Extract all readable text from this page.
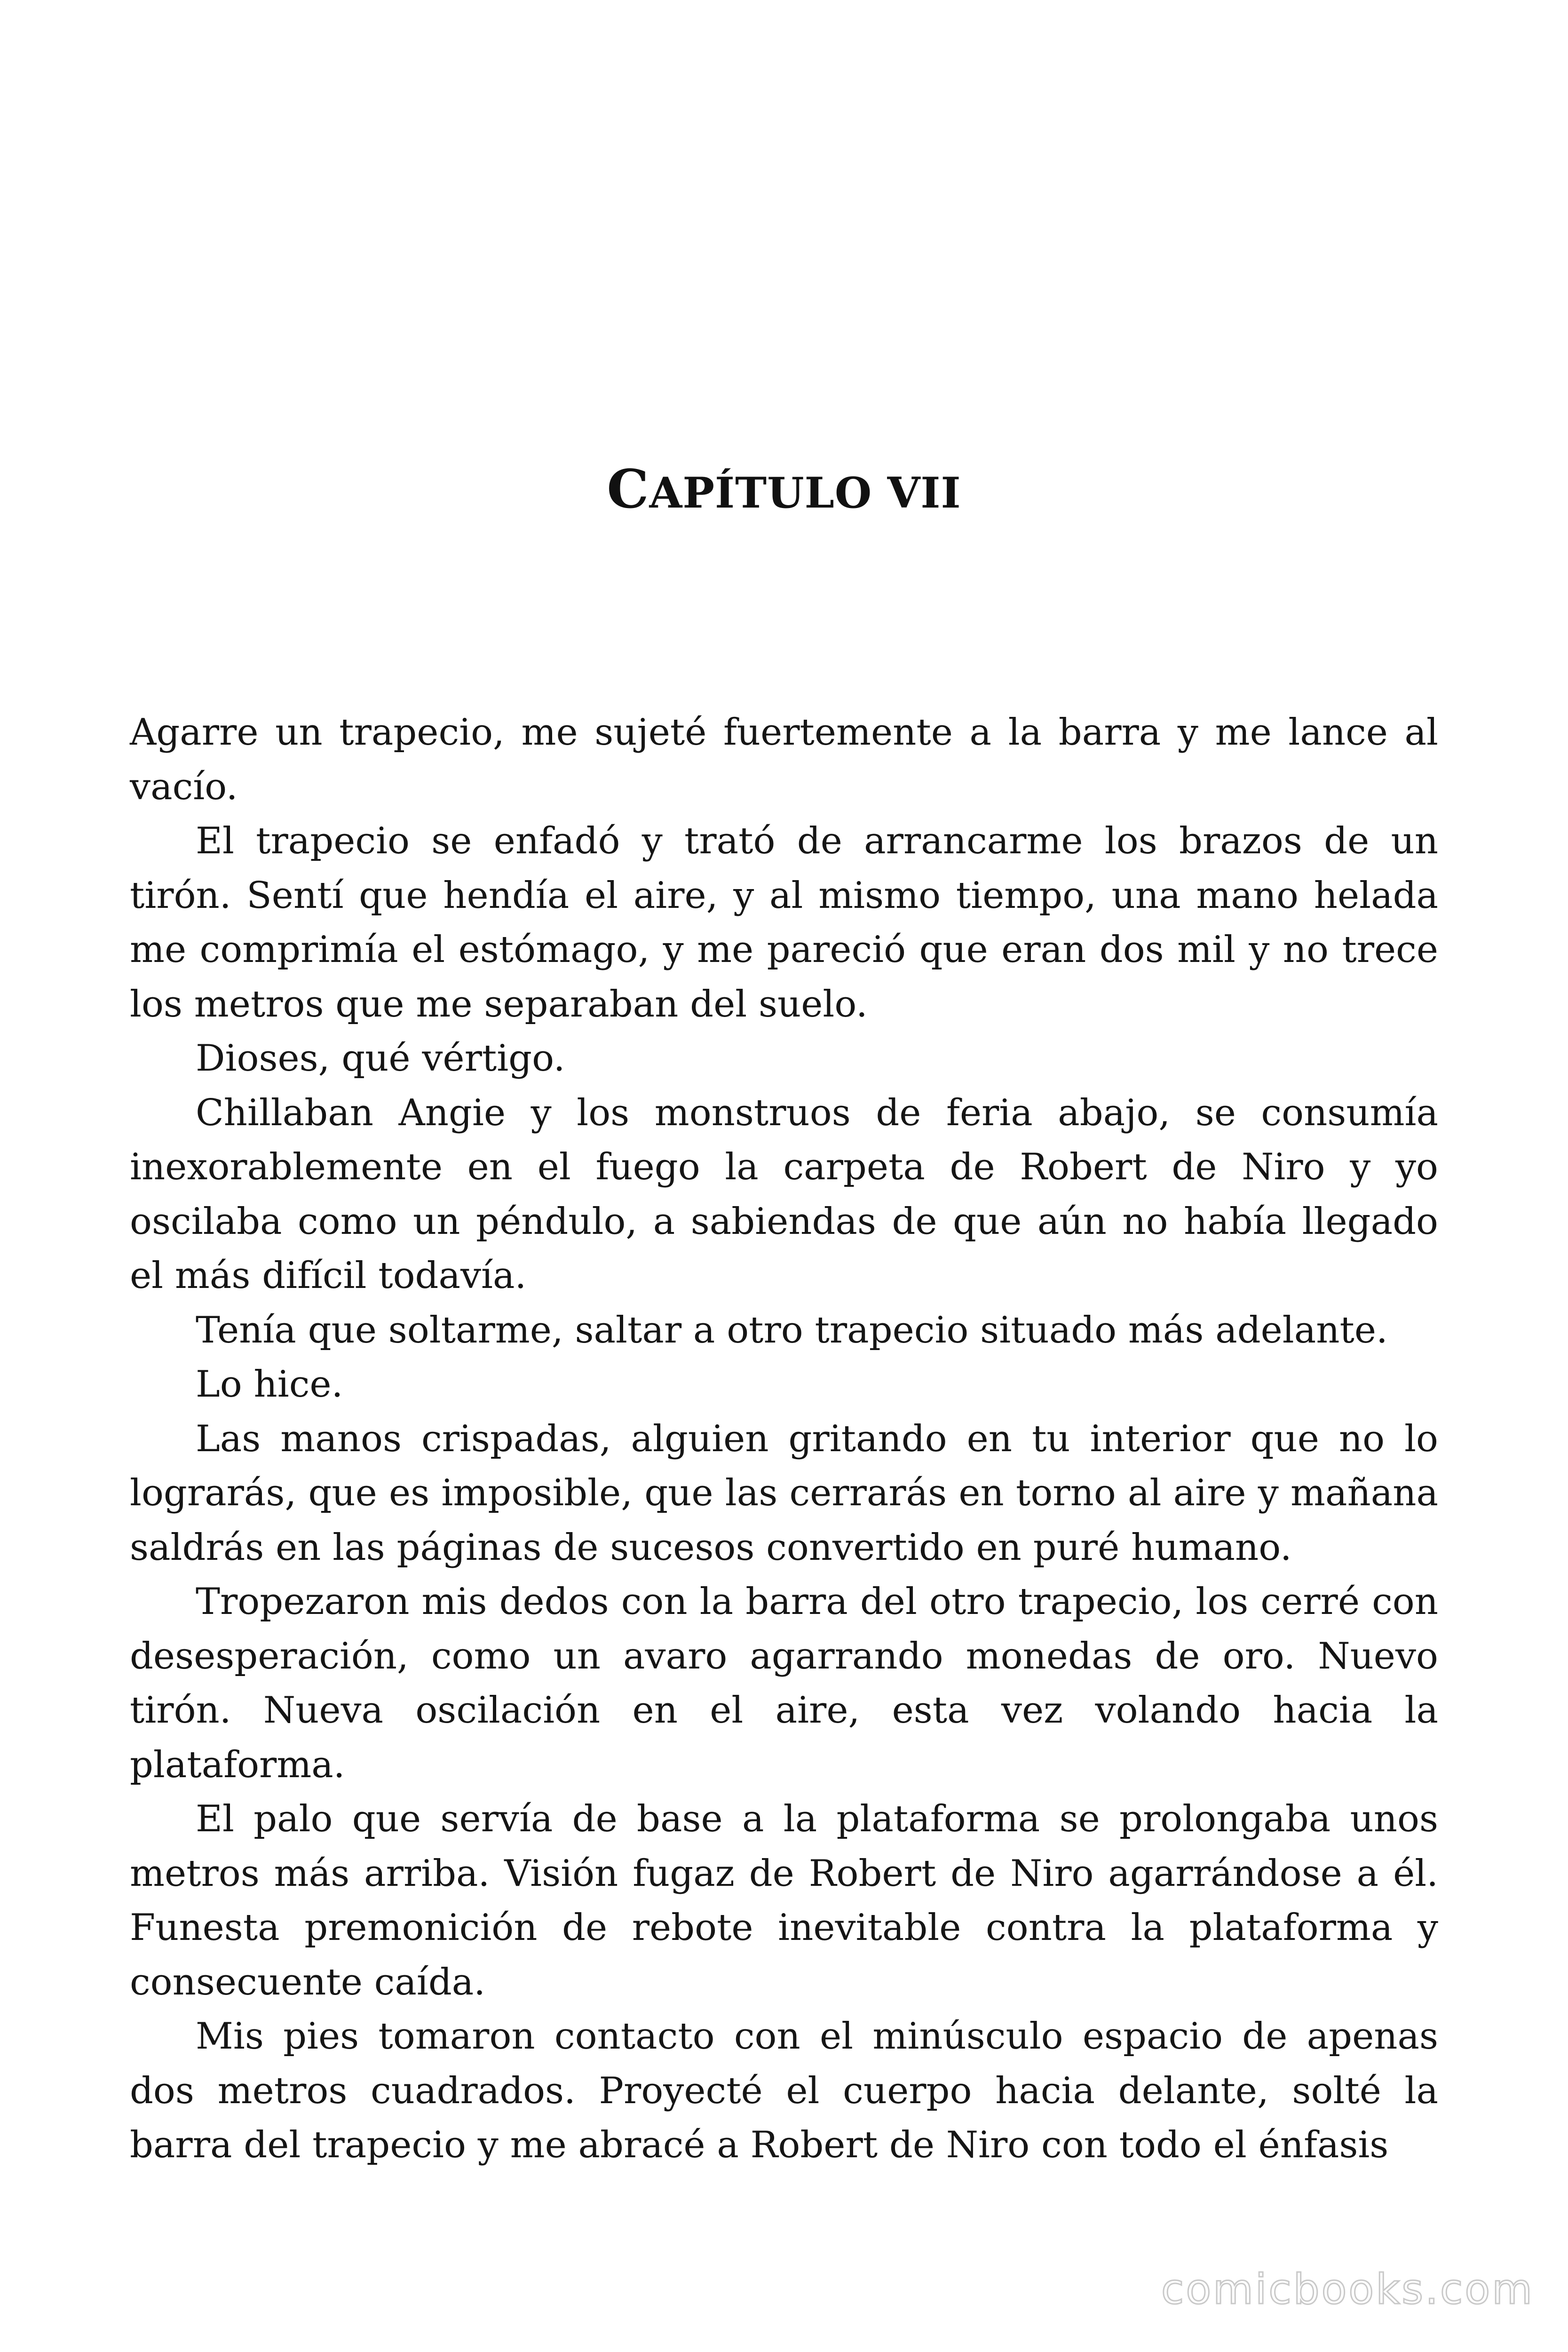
CAPÍTULO VII

Agarre un trapecio, me sujeté fuertemente a la barra y me lance al vacío.

El trapecio se enfadó y trató de arrancarme los brazos de un tirón. Sentí que hendía el aire, y al mismo tiempo, una mano helada me comprimía el estómago, y me pareció que eran dos mil y no trece los metros que me separaban del suelo.

Dioses, qué vértigo.

Chillaban Angie y los monstruos de feria abajo, se consumía inexorablemente en el fuego la carpeta de Robert de Niro y yo oscilaba como un péndulo, a sabiendas de que aún no había llegado el más difícil todavía.

Tenía que soltarme, saltar a otro trapecio situado más adelante.

Lo hice.

Las manos crispadas, alguien gritando en tu interior que no lo lograrás, que es imposible, que las cerrarás en torno al aire y mañana saldrás en las páginas de sucesos convertido en puré humano.

Tropezaron mis dedos con la barra del otro trapecio, los cerré con desesperación, como un avaro agarrando monedas de oro. Nuevo tirón. Nueva oscilación en el aire, esta vez volando hacia la plataforma.

El palo que servía de base a la plataforma se prolongaba unos metros más arriba. Visión fugaz de Robert de Niro agarrándose a él. Funesta premonición de rebote inevitable contra la plataforma y consecuente caída.

Mis pies tomaron contacto con el minúsculo espacio de apenas dos metros cuadrados. Proyecté el cuerpo hacia delante, solté la barra del trapecio y me abracé a Robert de Niro con todo el énfasis

comicbooks.com
